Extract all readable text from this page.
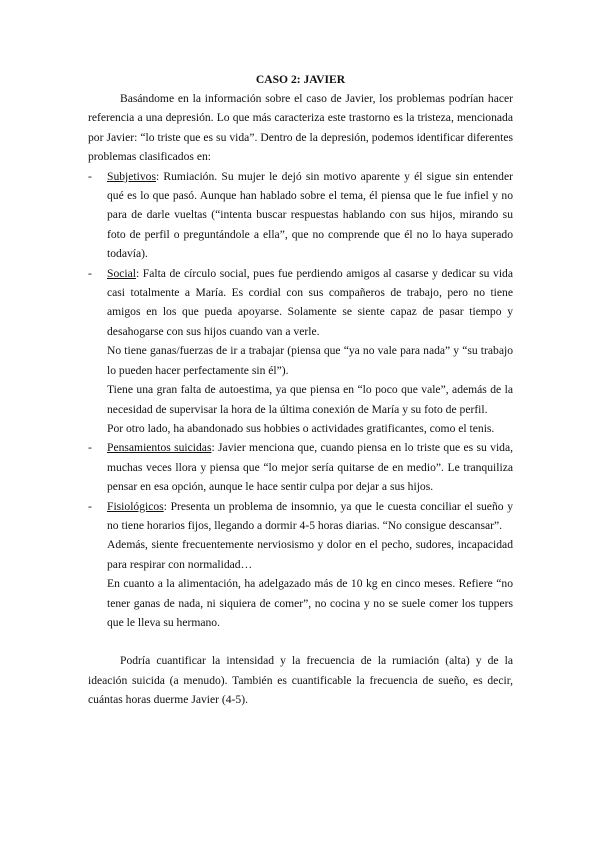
CASO 2: JAVIER

Basándome en la información sobre el caso de Javier, los problemas podrían hacer referencia a una depresión. Lo que más caracteriza este trastorno es la tristeza, mencionada por Javier: “lo triste que es su vida”. Dentro de la depresión, podemos identificar diferentes problemas clasificados en:

- Subjetivos: Rumiación. Su mujer le dejó sin motivo aparente y él sigue sin entender qué es lo que pasó. Aunque han hablado sobre el tema, él piensa que le fue infiel y no para de darle vueltas (“intenta buscar respuestas hablando con sus hijos, mirando su foto de perfil o preguntándole a ella”, que no comprende que él no lo haya superado todavía).

- Social: Falta de círculo social, pues fue perdiendo amigos al casarse y dedicar su vida casi totalmente a María. Es cordial con sus compañeros de trabajo, pero no tiene amigos en los que pueda apoyarse. Solamente se siente capaz de pasar tiempo y desahogarse con sus hijos cuando van a verle.

No tiene ganas/fuerzas de ir a trabajar (piensa que “ya no vale para nada” y “su trabajo lo pueden hacer perfectamente sin él”).

Tiene una gran falta de autoestima, ya que piensa en “lo poco que vale”, además de la necesidad de supervisar la hora de la última conexión de María y su foto de perfil.

Por otro lado, ha abandonado sus hobbies o actividades gratificantes, como el tenis.

- Pensamientos suicidas: Javier menciona que, cuando piensa en lo triste que es su vida, muchas veces llora y piensa que “lo mejor sería quitarse de en medio”. Le tranquiliza pensar en esa opción, aunque le hace sentir culpa por dejar a sus hijos.

- Fisiológicos: Presenta un problema de insomnio, ya que le cuesta conciliar el sueño y no tiene horarios fijos, llegando a dormir 4-5 horas diarias. “No consigue descansar”.

Además, siente frecuentemente nerviosismo y dolor en el pecho, sudores, incapacidad para respirar con normalidad…

En cuanto a la alimentación, ha adelgazado más de 10 kg en cinco meses. Refiere “no tener ganas de nada, ni siquiera de comer”, no cocina y no se suele comer los tuppers que le lleva su hermano.

Podría cuantificar la intensidad y la frecuencia de la rumiación (alta) y de la ideación suicida (a menudo). También es cuantificable la frecuencia de sueño, es decir, cuántas horas duerme Javier (4-5).
